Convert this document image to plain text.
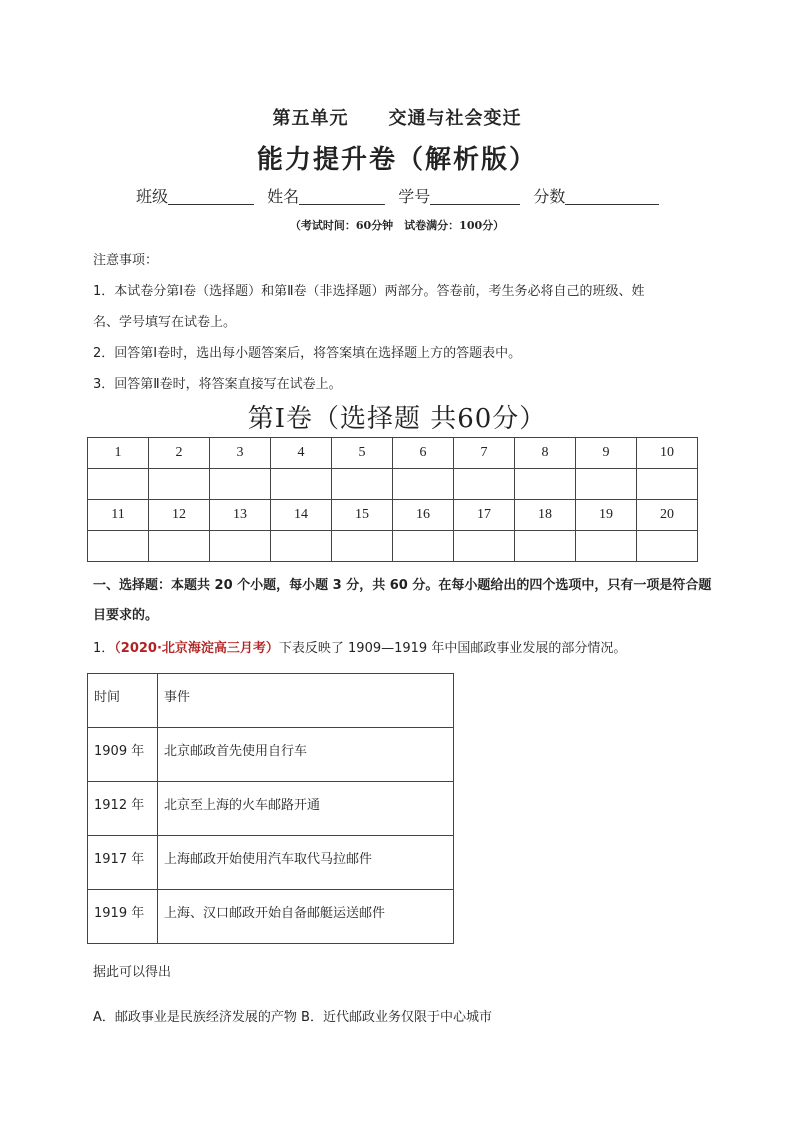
第五单元 交通与社会变迁
能力提升卷（解析版）
班级	姓名	学号	分数
（考试时间：60分钟　试卷满分：100分）
注意事项：
1．本试卷分第Ⅰ卷（选择题）和第Ⅱ卷（非选择题）两部分。答卷前，考生务必将自己的班级、姓
名、学号填写在试卷上。
2．回答第Ⅰ卷时，选出每小题答案后，将答案填在选择题上方的答题表中。
3．回答第Ⅱ卷时，将答案直接写在试卷上。
第Ⅰ卷（选择题 共60分）
1	2	3	4	5	6	7	8	9	10

11	12	13	14	15	16	17	18	19	20

一、选择题：本题共 20 个小题，每小题 3 分，共 60 分。在每小题给出的四个选项中，只有一项是符合题目要求的。
1．（2020·北京海淀高三月考）下表反映了 1909—1919 年中国邮政事业发展的部分情况。
时间	事件
1909 年	北京邮政首先使用自行车
1912 年	北京至上海的火车邮路开通
1917 年	上海邮政开始使用汽车取代马拉邮件
1919 年	上海、汉口邮政开始自备邮艇运送邮件
据此可以得出
A．邮政事业是民族经济发展的产物 B．近代邮政业务仅限于中心城市
